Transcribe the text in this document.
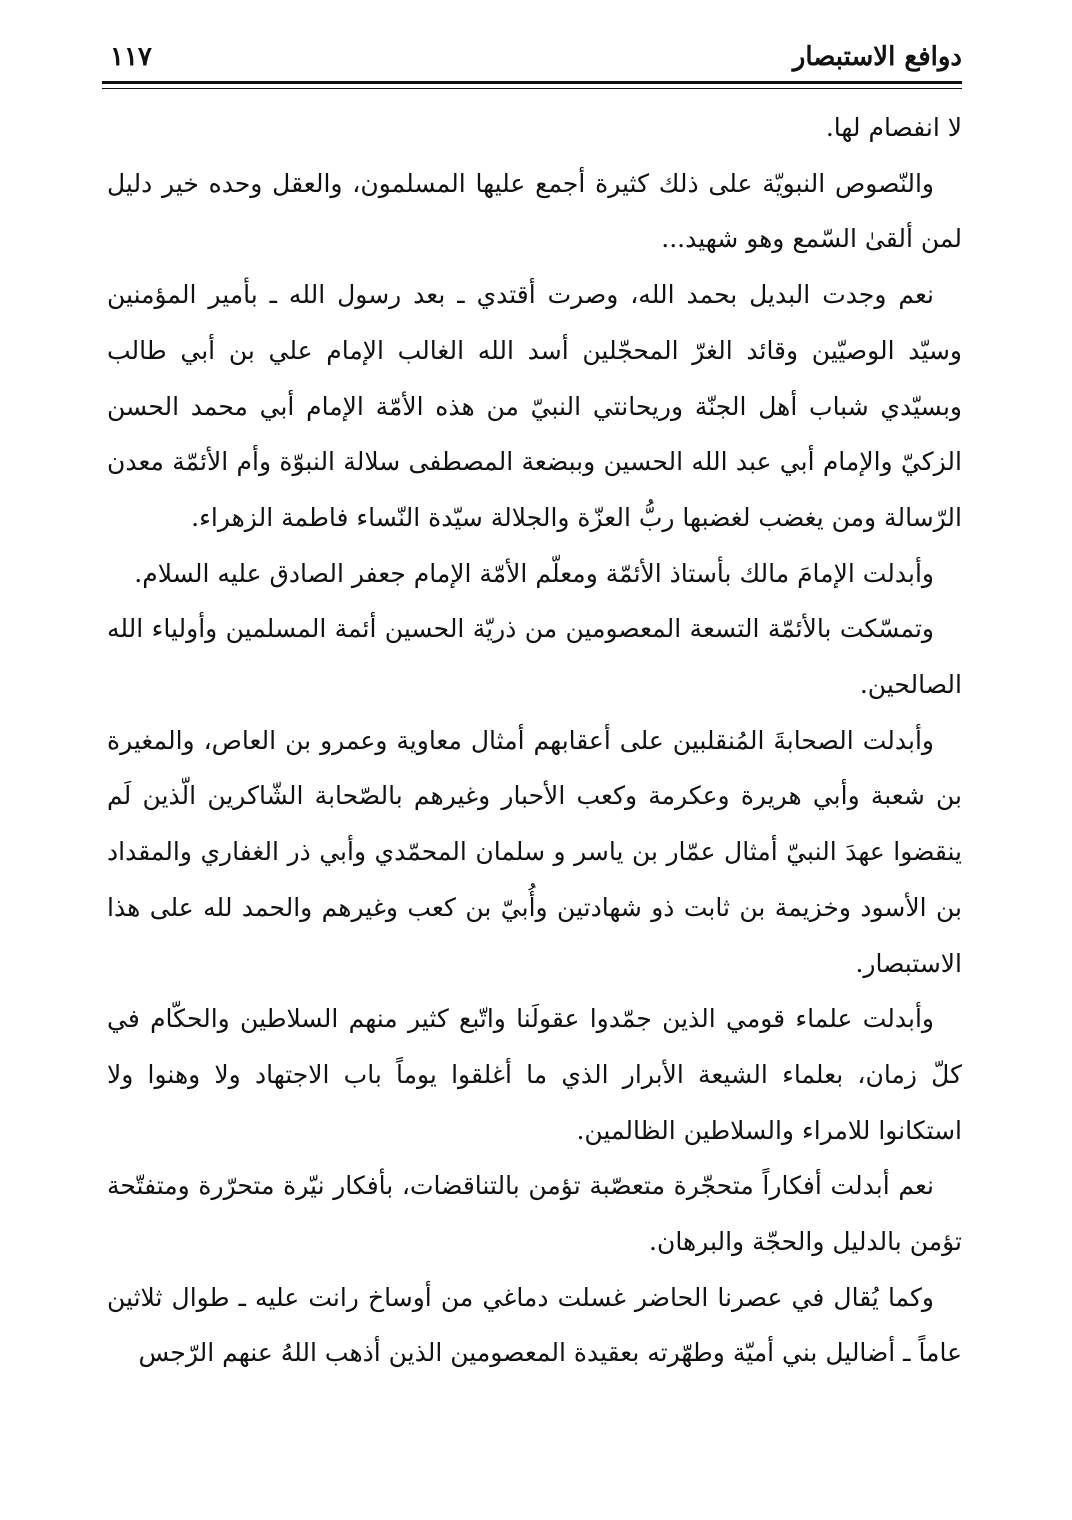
دوافع الاستبصار
١١٧

لا انفصام لها.

والنّصوص النبويّة على ذلك كثيرة أجمع عليها المسلمون، والعقل وحده خير دليل لمن ألقىٰ السّمع وهو شهيد...

نعم وجدت البديل بحمد الله، وصرت أقتدي ـ بعد رسول الله ـ بأمير المؤمنين وسيّد الوصيّين وقائد الغرّ المحجّلين أسد الله الغالب الإمام علي بن أبي طالب وبسيّدي شباب أهل الجنّة وريحانتي النبيّ من هذه الأمّة الإمام أبي محمد الحسن الزكيّ والإمام أبي عبد الله الحسين وببضعة المصطفى سلالة النبوّة وأم الأئمّة معدن الرّسالة ومن يغضب لغضبها ربُّ العزّة والجلالة سيّدة النّساء فاطمة الزهراء.

وأبدلت الإمامَ مالك بأستاذ الأئمّة ومعلّم الأمّة الإمام جعفر الصادق عليه السلام.

وتمسّكت بالأئمّة التسعة المعصومين من ذريّة الحسين أئمة المسلمين وأولياء الله الصالحين.

وأبدلت الصحابةَ المُنقلبين على أعقابهم أمثال معاوية وعمرو بن العاص، والمغيرة بن شعبة وأبي هريرة وعكرمة وكعب الأحبار وغيرهم بالصّحابة الشّاكرين الّذين لَم ينقضوا عهدَ النبيّ أمثال عمّار بن ياسر و سلمان المحمّدي وأبي ذر الغفاري والمقداد بن الأسود وخزيمة بن ثابت ذو شهادتين وأُبيّ بن كعب وغيرهم والحمد لله على هذا الاستبصار.

وأبدلت علماء قومي الذين جمّدوا عقولَنا واتّبع كثير منهم السلاطين والحكّام في كلّ زمان، بعلماء الشيعة الأبرار الذي ما أغلقوا يوماً باب الاجتهاد ولا وهنوا ولا استكانوا للامراء والسلاطين الظالمين.

نعم أبدلت أفكاراً متحجّرة متعصّبة تؤمن بالتناقضات، بأفكار نيّرة متحرّرة ومتفتّحة تؤمن بالدليل والحجّة والبرهان.

وكما يُقال في عصرنا الحاضر غسلت دماغي من أوساخ رانت عليه ـ طوال ثلاثين عاماً ـ أضاليل بني أميّة وطهّرته بعقيدة المعصومين الذين أذهب اللهُ عنهم الرّجس
